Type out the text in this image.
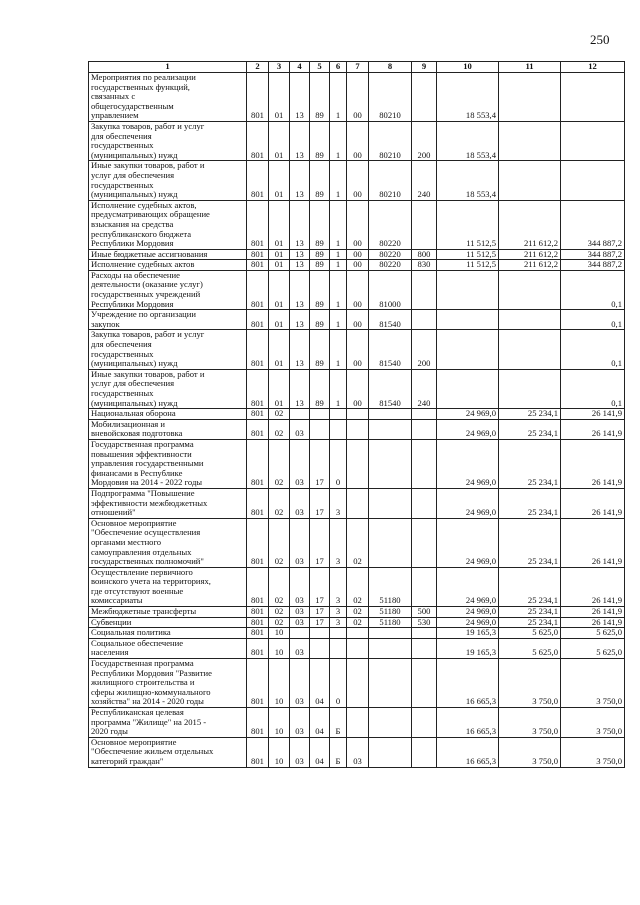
250
1	2	3	4	5	6	7	8	9	10	11	12
Мероприятия по реализации
государственных функций,
связанных с
общегосударственным
управлением	801	01	13	89	1	00	80210		18 553,4		
Закупка товаров, работ и услуг
для обеспечения
государственных
(муниципальных) нужд	801	01	13	89	1	00	80210	200	18 553,4		
Иные закупки товаров, работ и
услуг для обеспечения
государственных
(муниципальных) нужд	801	01	13	89	1	00	80210	240	18 553,4		
Исполнение судебных актов,
предусматривающих обращение
взыскания на средства
республиканского бюджета
Республики Мордовия	801	01	13	89	1	00	80220		11 512,5	211 612,2	344 887,2
Иные бюджетные ассигнования	801	01	13	89	1	00	80220	800	11 512,5	211 612,2	344 887,2
Исполнение судебных актов	801	01	13	89	1	00	80220	830	11 512,5	211 612,2	344 887,2
Расходы на обеспечение
деятельности (оказание услуг)
государственных учреждений
Республики Мордовия	801	01	13	89	1	00	81000				0,1
Учреждение по организации
закупок	801	01	13	89	1	00	81540				0,1
Закупка товаров, работ и услуг
для обеспечения
государственных
(муниципальных) нужд	801	01	13	89	1	00	81540	200			0,1
Иные закупки товаров, работ и
услуг для обеспечения
государственных
(муниципальных) нужд	801	01	13	89	1	00	81540	240			0,1
Национальная оборона	801	02							24 969,0	25 234,1	26 141,9
Мобилизационная и
вневойсковая подготовка	801	02	03						24 969,0	25 234,1	26 141,9
Государственная программа
повышения эффективности
управления государственными
финансами в Республике
Мордовия на 2014 - 2022 годы	801	02	03	17	0				24 969,0	25 234,1	26 141,9
Подпрограмма "Повышение
эффективности межбюджетных
отношений"	801	02	03	17	3				24 969,0	25 234,1	26 141,9
Основное мероприятие
"Обеспечение осуществления
органами местного
самоуправления отдельных
государственных полномочий"	801	02	03	17	3	02			24 969,0	25 234,1	26 141,9
Осуществление первичного
воинского учета на территориях,
где отсутствуют военные
комиссариаты	801	02	03	17	3	02	51180		24 969,0	25 234,1	26 141,9
Межбюджетные трансферты	801	02	03	17	3	02	51180	500	24 969,0	25 234,1	26 141,9
Субвенции	801	02	03	17	3	02	51180	530	24 969,0	25 234,1	26 141,9
Социальная политика	801	10							19 165,3	5 625,0	5 625,0
Социальное обеспечение
населения	801	10	03						19 165,3	5 625,0	5 625,0
Государственная программа
Республики Мордовия "Развитие
жилищного строительства и
сферы жилищно-коммунального
хозяйства" на 2014 - 2020 годы	801	10	03	04	0				16 665,3	3 750,0	3 750,0
Республиканская целевая
программа "Жилище" на 2015 -
2020 годы	801	10	03	04	Б				16 665,3	3 750,0	3 750,0
Основное мероприятие
"Обеспечение жильем отдельных
категорий граждан"	801	10	03	04	Б	03			16 665,3	3 750,0	3 750,0
